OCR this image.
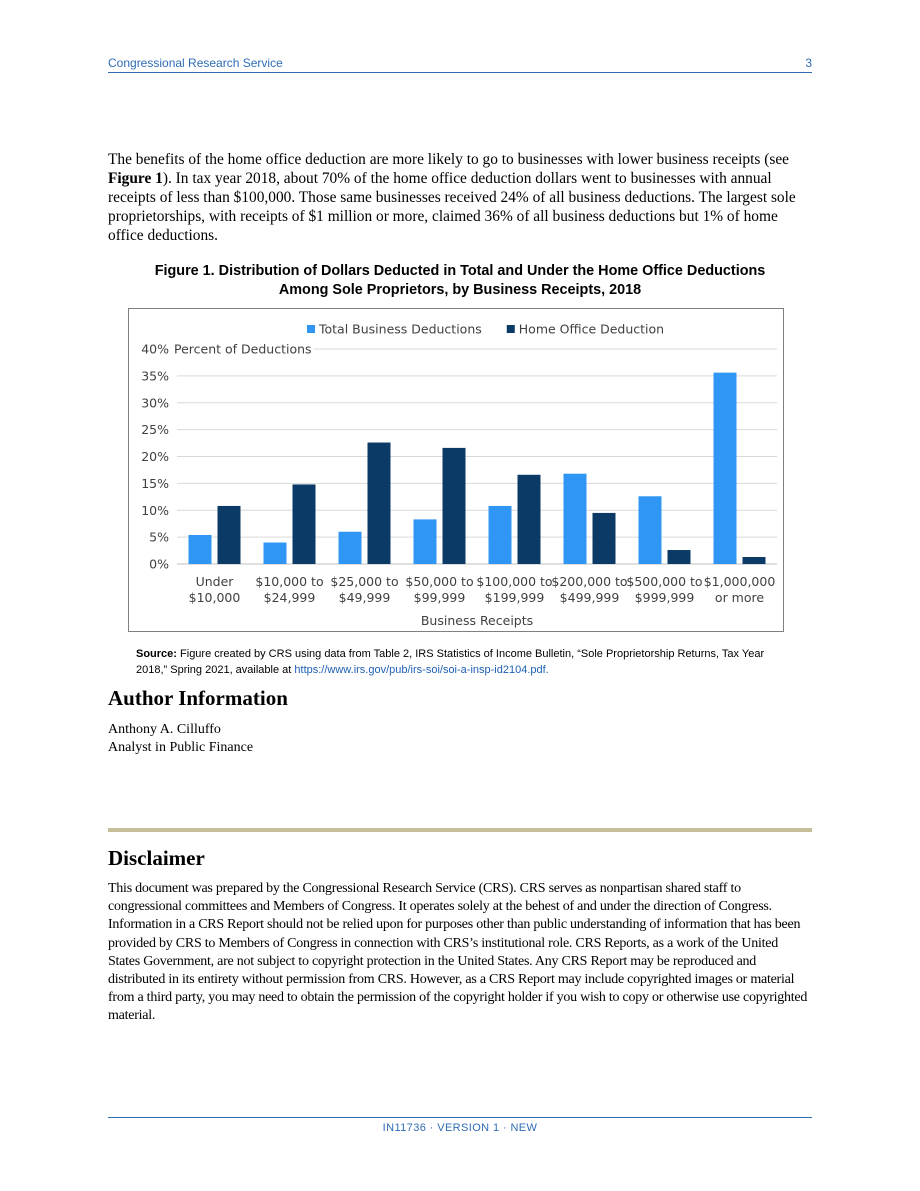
Congressional Research Service	3

The benefits of the home office deduction are more likely to go to businesses with lower business receipts (see Figure 1). In tax year 2018, about 70% of the home office deduction dollars went to businesses with annual receipts of less than $100,000. Those same businesses received 24% of all business deductions. The largest sole proprietorships, with receipts of $1 million or more, claimed 36% of all business deductions but 1% of home office deductions.

Figure 1. Distribution of Dollars Deducted in Total and Under the Home Office Deductions
Among Sole Proprietors, by Business Receipts, 2018

0%
5%
10%
15%
20%
25%
30%
35%
40% Percent of Deductions
Under
$10,000
$10,000 to
$24,999
$25,000 to
$49,999
$50,000 to
$99,999
$100,000 to
$199,999
$200,000 to
$499,999
$500,000 to
$999,999
$1,000,000
or more
Business Receipts
Total Business Deductions	Home Office Deduction

Source: Figure created by CRS using data from Table 2, IRS Statistics of Income Bulletin, “Sole Proprietorship Returns, Tax Year 2018,” Spring 2021, available at https://www.irs.gov/pub/irs-soi/soi-a-insp-id2104.pdf.

Author Information

Anthony A. Cilluffo

Analyst in Public Finance

Disclaimer

This document was prepared by the Congressional Research Service (CRS). CRS serves as nonpartisan shared staff to congressional committees and Members of Congress. It operates solely at the behest of and under the direction of Congress. Information in a CRS Report should not be relied upon for purposes other than public understanding of information that has been provided by CRS to Members of Congress in connection with CRS’s institutional role. CRS Reports, as a work of the United States Government, are not subject to copyright protection in the United States. Any CRS Report may be reproduced and distributed in its entirety without permission from CRS. However, as a CRS Report may include copyrighted images or material from a third party, you may need to obtain the permission of the copyright holder if you wish to copy or otherwise use copyrighted material.

IN11736 · VERSION 1 · NEW
